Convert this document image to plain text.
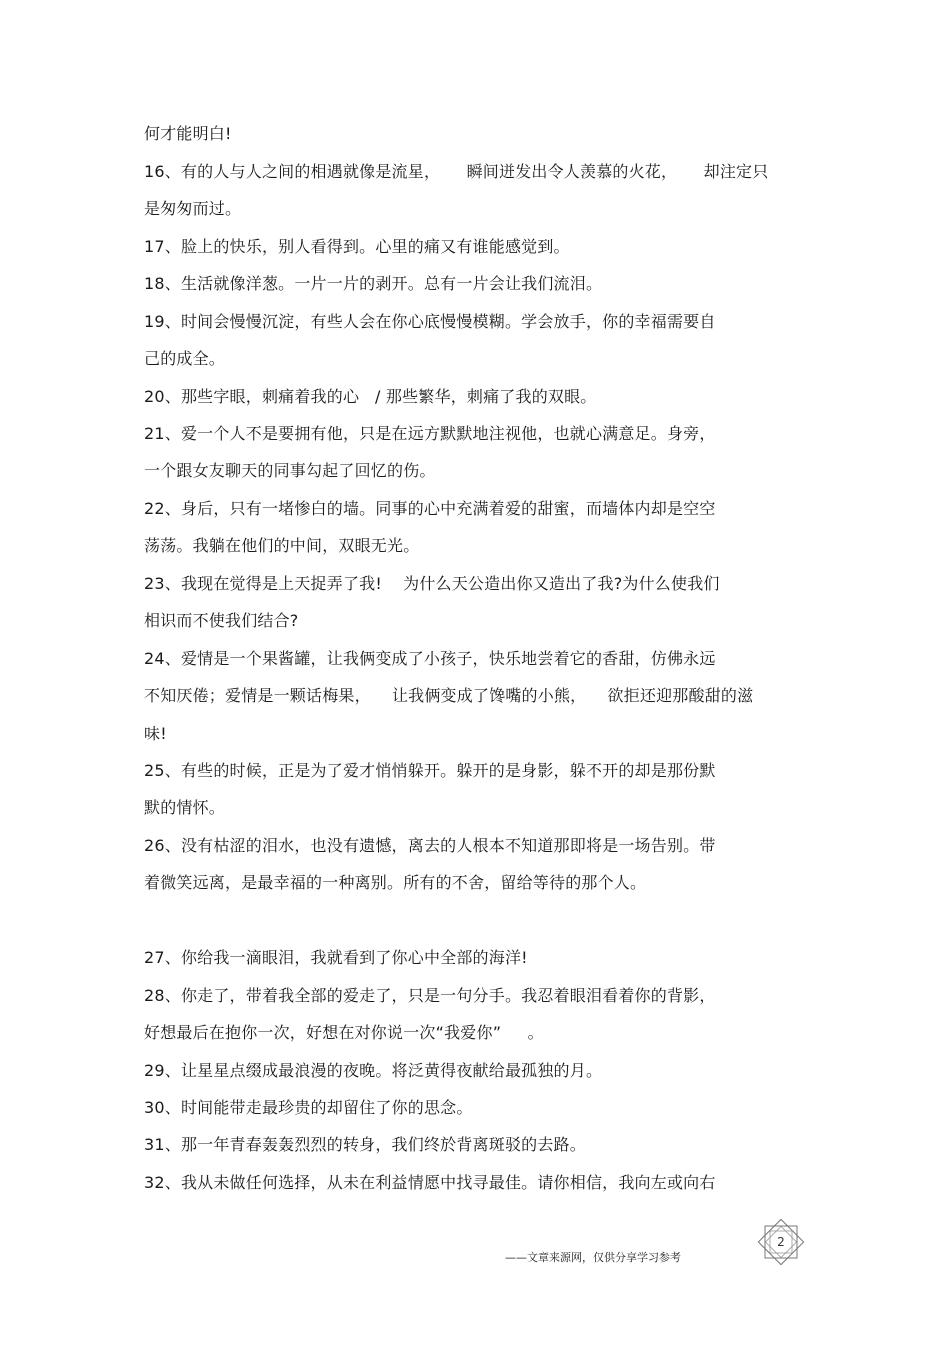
何才能明白!
16、有的人与人之间的相遇就像是流星，     瞬间迸发出令人羡慕的火花，     却注定只
是匆匆而过。
17、脸上的快乐，别人看得到。心里的痛又有谁能感觉到。
18、生活就像洋葱。一片一片的剥开。总有一片会让我们流泪。
19、时间会慢慢沉淀，有些人会在你心底慢慢模糊。学会放手，你的幸福需要自
己的成全。
20、那些字眼，刺痛着我的心   / 那些繁华，刺痛了我的双眼。
21、爱一个人不是要拥有他，只是在远方默默地注视他，也就心满意足。身旁，
一个跟女友聊天的同事勾起了回忆的伤。
22、身后，只有一堵惨白的墙。同事的心中充满着爱的甜蜜，而墙体内却是空空
荡荡。我躺在他们的中间，双眼无光。
23、我现在觉得是上天捉弄了我!    为什么天公造出你又造出了我?为什么使我们
相识而不使我们结合?
24、爱情是一个果酱罐，让我俩变成了小孩子，快乐地尝着它的香甜，仿佛永远
不知厌倦；爱情是一颗话梅果，    让我俩变成了馋嘴的小熊，    欲拒还迎那酸甜的滋
味!
25、有些的时候，正是为了爱才悄悄躲开。躲开的是身影，躲不开的却是那份默
默的情怀。
26、没有枯涩的泪水，也没有遗憾，离去的人根本不知道那即将是一场告别。带
着微笑远离，是最幸福的一种离别。所有的不舍，留给等待的那个人。
27、你给我一滴眼泪，我就看到了你心中全部的海洋!
28、你走了，带着我全部的爱走了，只是一句分手。我忍着眼泪看着你的背影，
好想最后在抱你一次，好想在对你说一次“我爱你”     。
29、让星星点缀成最浪漫的夜晚。将泛黄得夜献给最孤独的月。
30、时间能带走最珍贵的却留住了你的思念。
31、那一年青春轰轰烈烈的转身，我们终於背离斑驳的去路。
32、我从未做任何选择，从未在利益情愿中找寻最佳。请你相信，我向左或向右
——文章来源网，仅供分享学习参考
2
